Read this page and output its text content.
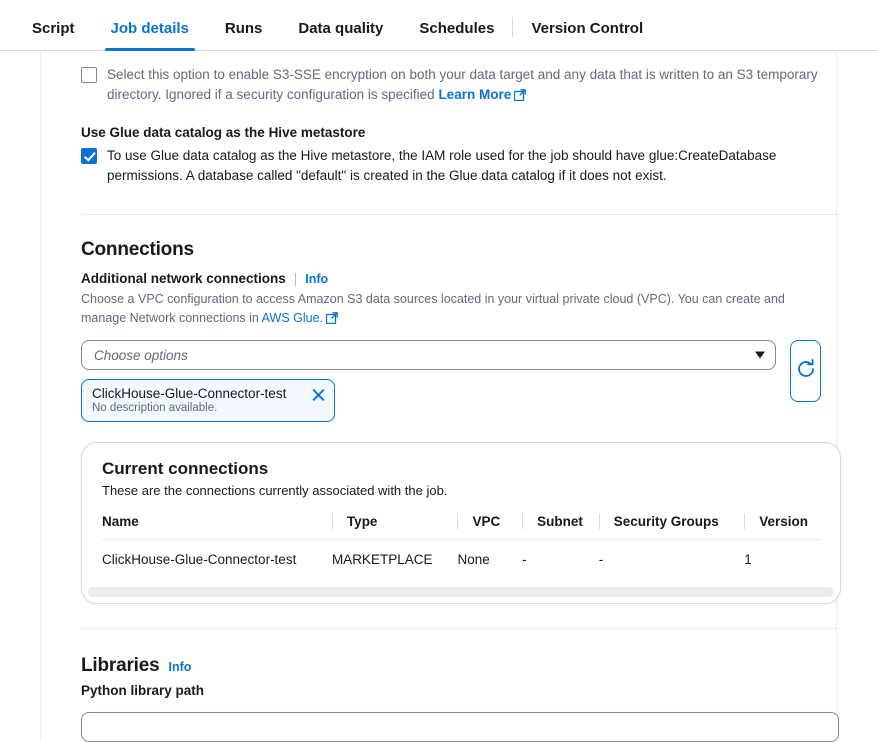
Script	Job details	Runs	Data quality	Schedules	Version Control
Select this option to enable S3-SSE encryption on both your data target and any data that is written to an S3 temporary directory. Ignored if a security configuration is specified Learn More
Use Glue data catalog as the Hive metastore
To use Glue data catalog as the Hive metastore, the IAM role used for the job should have glue:CreateDatabase permissions. A database called "default" is created in the Glue data catalog if it does not exist.
Connections
Additional network connections | Info
Choose a VPC configuration to access Amazon S3 data sources located in your virtual private cloud (VPC). You can create and manage Network connections in AWS Glue.
Choose options
ClickHouse-Glue-Connector-test
No description available.
Current connections
These are the connections currently associated with the job.
Name	Type	VPC	Subnet	Security Groups	Version
ClickHouse-Glue-Connector-test	MARKETPLACE	None	-	-	1
Libraries Info
Python library path
